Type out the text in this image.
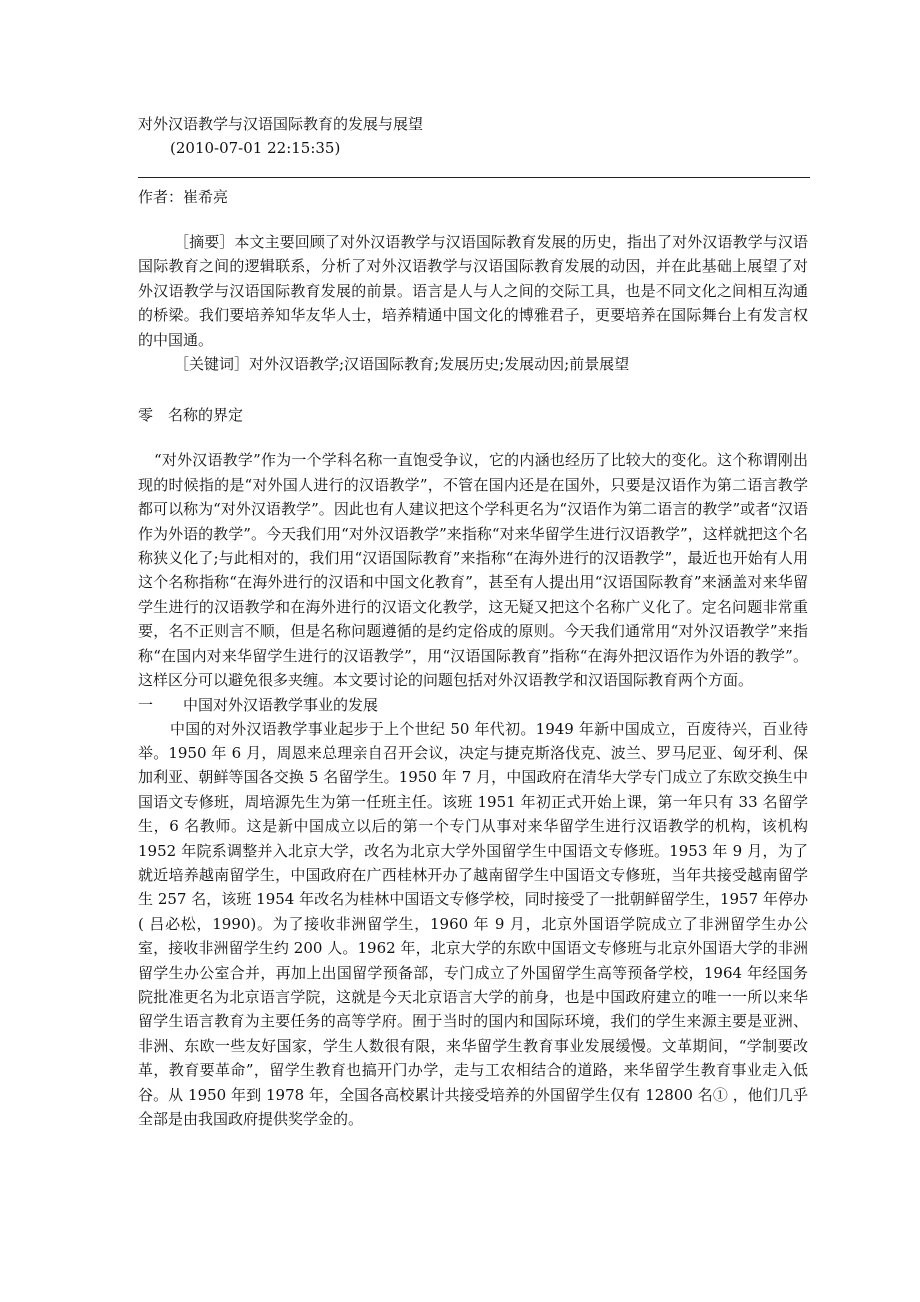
对外汉语教学与汉语国际教育的发展与展望

(2010-07-01 22:15:35)

作者：崔希亮

［摘要］本文主要回顾了对外汉语教学与汉语国际教育发展的历史，指出了对外汉语教学与汉语国际教育之间的逻辑联系，分析了对外汉语教学与汉语国际教育发展的动因，并在此基础上展望了对外汉语教学与汉语国际教育发展的前景。语言是人与人之间的交际工具，也是不同文化之间相互沟通的桥梁。我们要培养知华友华人士，培养精通中国文化的博雅君子，更要培养在国际舞台上有发言权的中国通。

［关键词］对外汉语教学;汉语国际教育;发展历史;发展动因;前景展望

零　名称的界定

“对外汉语教学”作为一个学科名称一直饱受争议，它的内涵也经历了比较大的变化。这个称谓刚出现的时候指的是“对外国人进行的汉语教学”，不管在国内还是在国外，只要是汉语作为第二语言教学都可以称为“对外汉语教学”。因此也有人建议把这个学科更名为“汉语作为第二语言的教学”或者“汉语作为外语的教学”。今天我们用“对外汉语教学”来指称“对来华留学生进行汉语教学”，这样就把这个名称狭义化了;与此相对的，我们用“汉语国际教育”来指称“在海外进行的汉语教学”，最近也开始有人用这个名称指称“在海外进行的汉语和中国文化教育”，甚至有人提出用“汉语国际教育”来涵盖对来华留学生进行的汉语教学和在海外进行的汉语文化教学，这无疑又把这个名称广义化了。定名问题非常重要，名不正则言不顺，但是名称问题遵循的是约定俗成的原则。今天我们通常用“对外汉语教学”来指称“在国内对来华留学生进行的汉语教学”，用“汉语国际教育”指称“在海外把汉语作为外语的教学”。这样区分可以避免很多夹缠。本文要讨论的问题包括对外汉语教学和汉语国际教育两个方面。

一　　中国对外汉语教学事业的发展

中国的对外汉语教学事业起步于上个世纪 50 年代初。1949 年新中国成立，百废待兴，百业待举。1950 年 6 月，周恩来总理亲自召开会议，决定与捷克斯洛伐克、波兰、罗马尼亚、匈牙利、保加利亚、朝鲜等国各交换 5 名留学生。1950 年 7 月，中国政府在清华大学专门成立了东欧交换生中国语文专修班，周培源先生为第一任班主任。该班 1951 年初正式开始上课，第一年只有 33 名留学生，6 名教师。这是新中国成立以后的第一个专门从事对来华留学生进行汉语教学的机构，该机构 1952 年院系调整并入北京大学，改名为北京大学外国留学生中国语文专修班。1953 年 9 月，为了就近培养越南留学生，中国政府在广西桂林开办了越南留学生中国语文专修班，当年共接受越南留学生 257 名，该班 1954 年改名为桂林中国语文专修学校，同时接受了一批朝鲜留学生，1957 年停办( 吕必松，1990)。为了接收非洲留学生，1960 年 9 月，北京外国语学院成立了非洲留学生办公室，接收非洲留学生约 200 人。1962 年，北京大学的东欧中国语文专修班与北京外国语大学的非洲留学生办公室合并，再加上出国留学预备部，专门成立了外国留学生高等预备学校，1964 年经国务院批准更名为北京语言学院，这就是今天北京语言大学的前身，也是中国政府建立的唯一一所以来华留学生语言教育为主要任务的高等学府。囿于当时的国内和国际环境，我们的学生来源主要是亚洲、非洲、东欧一些友好国家，学生人数很有限，来华留学生教育事业发展缓慢。文革期间，“学制要改革，教育要革命”，留学生教育也搞开门办学，走与工农相结合的道路，来华留学生教育事业走入低谷。从 1950 年到 1978 年，全国各高校累计共接受培养的外国留学生仅有 12800 名① ，他们几乎全部是由我国政府提供奖学金的。
